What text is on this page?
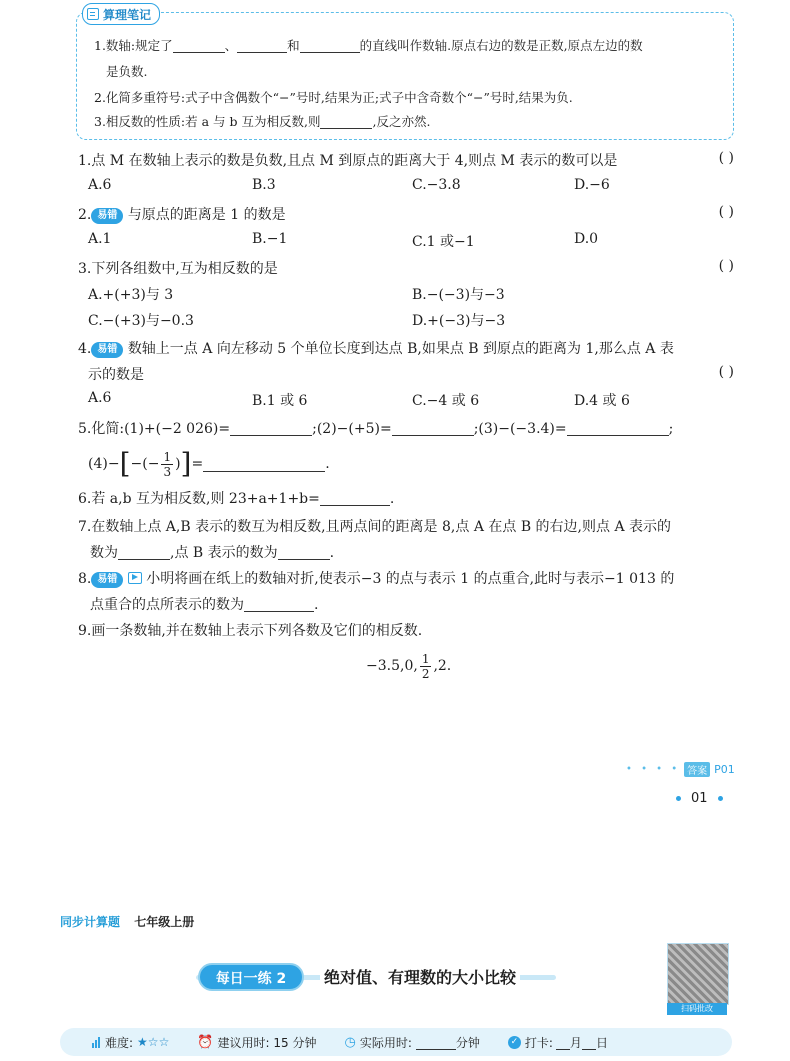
算理笔记
1.数轴:规定了	、	和	的直线叫作数轴.原点右边的数是正数,原点左边的数
是负数.
2.化简多重符号:式子中含偶数个“−”号时,结果为正;式子中含奇数个“−”号时,结果为负.
3.相反数的性质:若 a 与 b 互为相反数,则	,反之亦然.
1.点 M 在数轴上表示的数是负数,且点 M 到原点的距离大于 4,则点 M 表示的数可以是	( )
A.6	B.3	C.−3.8	D.−6
2. 易错 与原点的距离是 1 的数是	( )
A.1	B.−1	C.1 或−1	D.0
3.下列各组数中,互为相反数的是	( )
A.+(+3)与 3	B.−(−3)与−3
C.−(+3)与−0.3	D.+(−3)与−3
4. 易错 数轴上一点 A 向左移动 5 个单位长度到达点 B,如果点 B 到原点的距离为 1,那么点 A 表
示的数是	( )
A.6	B.1 或 6	C.−4 或 6	D.4 或 6
5.化简:(1)+(−2 026)=	;(2)−(+5)=	;(3)−(−3.4)=	;
(4)− [ −(− $\frac{1}{3}$ ) ] =	.
6.若 a,b 互为相反数,则 23+a+1+b=	.
7.在数轴上点 A,B 表示的数互为相反数,且两点间的距离是 8,点 A 在点 B 的右边,则点 A 表示的
数为	,点 B 表示的数为	.
8. 易错 小明将画在纸上的数轴对折,使表示−3 的点与表示 1 的点重合,此时与表示−1 013 的
点重合的点所表示的数为	.
9.画一条数轴,并在数轴上表示下列各数及它们的相反数.
−3.5,0, $\frac{1}{2} ,2$.
• • • • 答案 P01
01
同步计算题 七年级上册
每日一练 2	绝对值、有理数的大小比较
扫码批改
难度: ★☆☆ ⏰ 建议用时: 15 分钟 ◷ 实际用时:	分钟	✓ 打卡: 月 日
